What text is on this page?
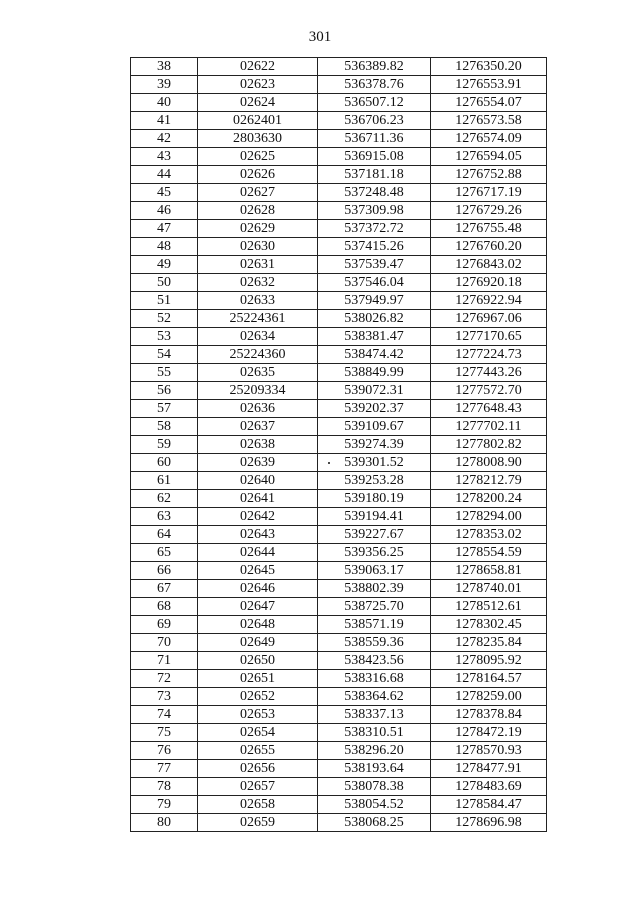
301
38	02622	536389.82	1276350.20
39	02623	536378.76	1276553.91
40	02624	536507.12	1276554.07
41	0262401	536706.23	1276573.58
42	2803630	536711.36	1276574.09
43	02625	536915.08	1276594.05
44	02626	537181.18	1276752.88
45	02627	537248.48	1276717.19
46	02628	537309.98	1276729.26
47	02629	537372.72	1276755.48
48	02630	537415.26	1276760.20
49	02631	537539.47	1276843.02
50	02632	537546.04	1276920.18
51	02633	537949.97	1276922.94
52	25224361	538026.82	1276967.06
53	02634	538381.47	1277170.65
54	25224360	538474.42	1277224.73
55	02635	538849.99	1277443.26
56	25209334	539072.31	1277572.70
57	02636	539202.37	1277648.43
58	02637	539109.67	1277702.11
59	02638	539274.39	1277802.82
60	02639	539301.52	1278008.90
61	02640	539253.28	1278212.79
62	02641	539180.19	1278200.24
63	02642	539194.41	1278294.00
64	02643	539227.67	1278353.02
65	02644	539356.25	1278554.59
66	02645	539063.17	1278658.81
67	02646	538802.39	1278740.01
68	02647	538725.70	1278512.61
69	02648	538571.19	1278302.45
70	02649	538559.36	1278235.84
71	02650	538423.56	1278095.92
72	02651	538316.68	1278164.57
73	02652	538364.62	1278259.00
74	02653	538337.13	1278378.84
75	02654	538310.51	1278472.19
76	02655	538296.20	1278570.93
77	02656	538193.64	1278477.91
78	02657	538078.38	1278483.69
79	02658	538054.52	1278584.47
80	02659	538068.25	1278696.98
